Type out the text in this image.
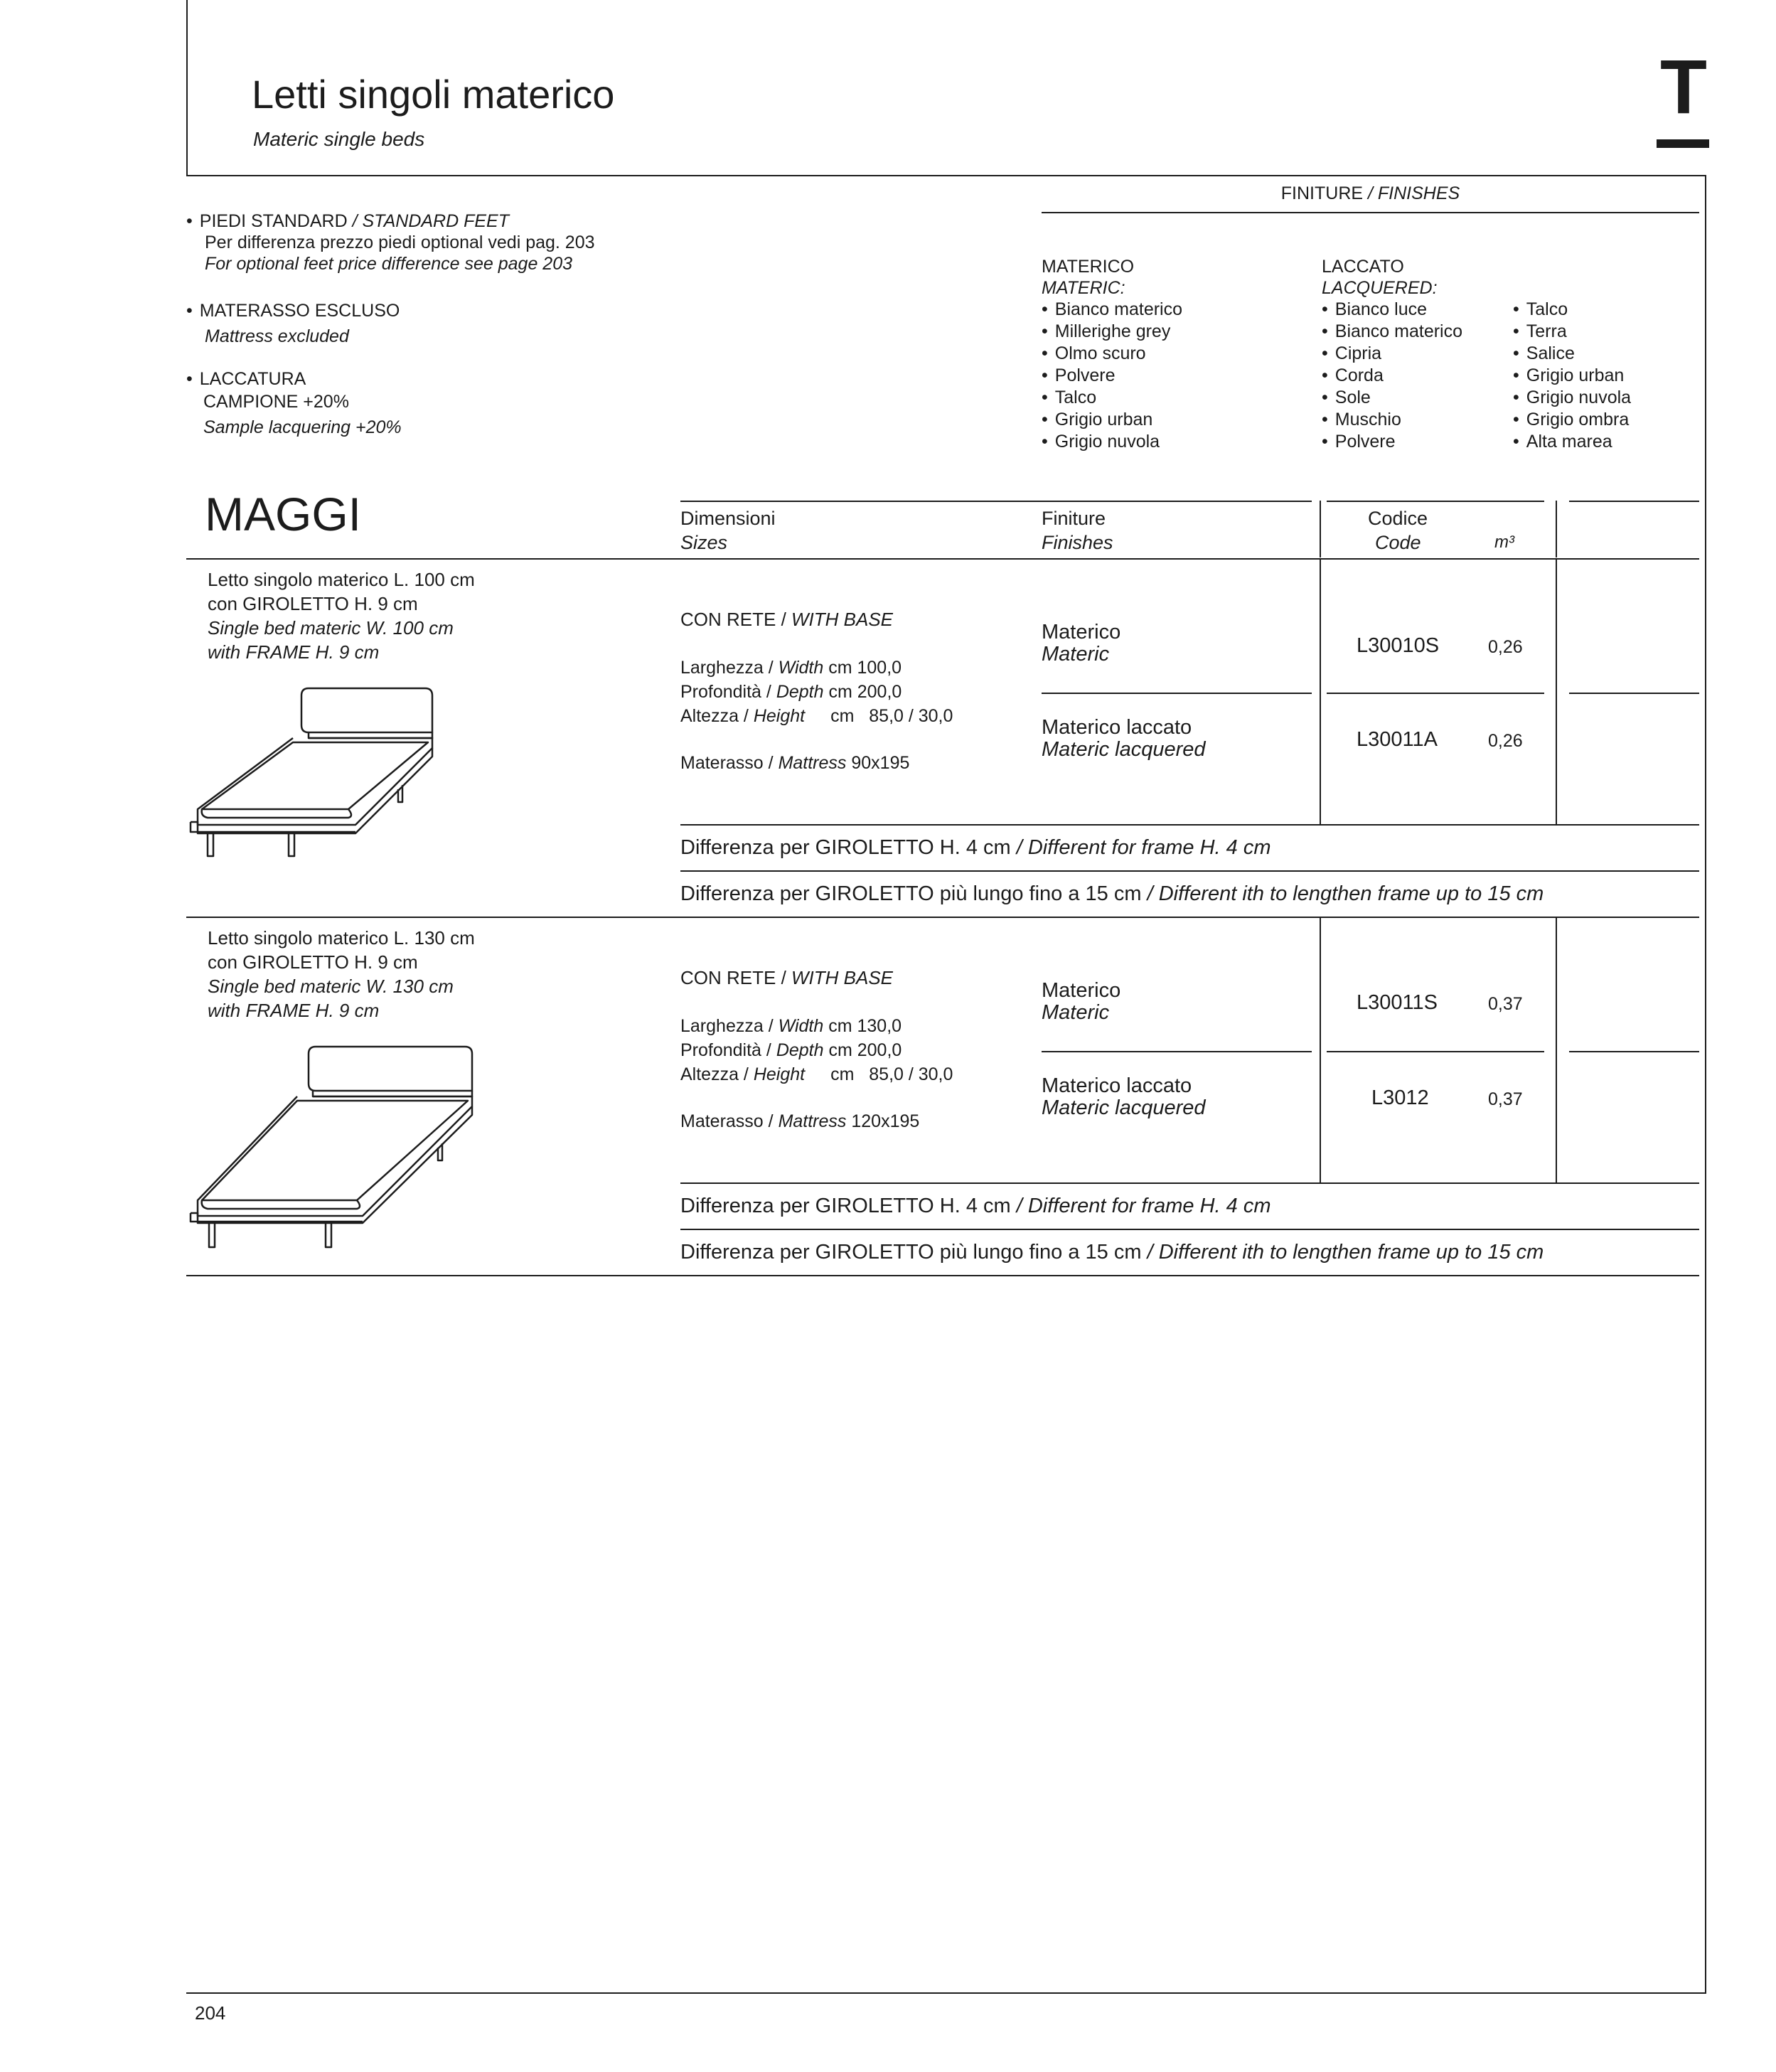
Letti singoli materico
Materic single beds
T
• PIEDI STANDARD / STANDARD FEET
Per differenza prezzo piedi optional vedi pag. 203
For optional feet price difference see page 203
• MATERASSO ESCLUSO
Mattress excluded
• LACCATURA
CAMPIONE +20%
Sample lacquering +20%
FINITURE / FINISHES
MATERICO
MATERIC:
• Bianco materico
• Millerighe grey
• Olmo scuro
• Polvere
• Talco
• Grigio urban
• Grigio nuvola
LACCATO
LACQUERED:
• Bianco luce
• Bianco materico
• Cipria
• Corda
• Sole
• Muschio
• Polvere
• Talco
• Terra
• Salice
• Grigio urban
• Grigio nuvola
• Grigio ombra
• Alta marea
MAGGI	Dimensioni
Sizes
Finiture
Finishes
Codice
Code	m³
Letto singolo materico L. 100 cm
con GIROLETTO H. 9 cm
Single bed materic W. 100 cm
with FRAME H. 9 cm
CON RETE / WITH BASE
Larghezza / Width cm 100,0
Profondità / Depth cm 200,0
Altezza / Height cm   85,0 / 30,0
Materasso / Mattress 90x195
Materico
Materic	L30010S	0,26
Materico laccato
Materic lacquered	L30011A	0,26
Differenza per GIROLETTO H. 4 cm / Different for frame H. 4 cm
Differenza per GIROLETTO più lungo fino a 15 cm / Different ith to lengthen frame up to 15 cm
Letto singolo materico L. 130 cm
con GIROLETTO H. 9 cm
Single bed materic W. 130 cm
with FRAME H. 9 cm
CON RETE / WITH BASE
Larghezza / Width cm 130,0
Profondità / Depth cm 200,0
Altezza / Height cm   85,0 / 30,0
Materasso / Mattress 120x195
Materico
Materic	L30011S	0,37
Materico laccato
Materic lacquered	L3012	0,37
Differenza per GIROLETTO H. 4 cm / Different for frame H. 4 cm
Differenza per GIROLETTO più lungo fino a 15 cm / Different ith to lengthen frame up to 15 cm
204
